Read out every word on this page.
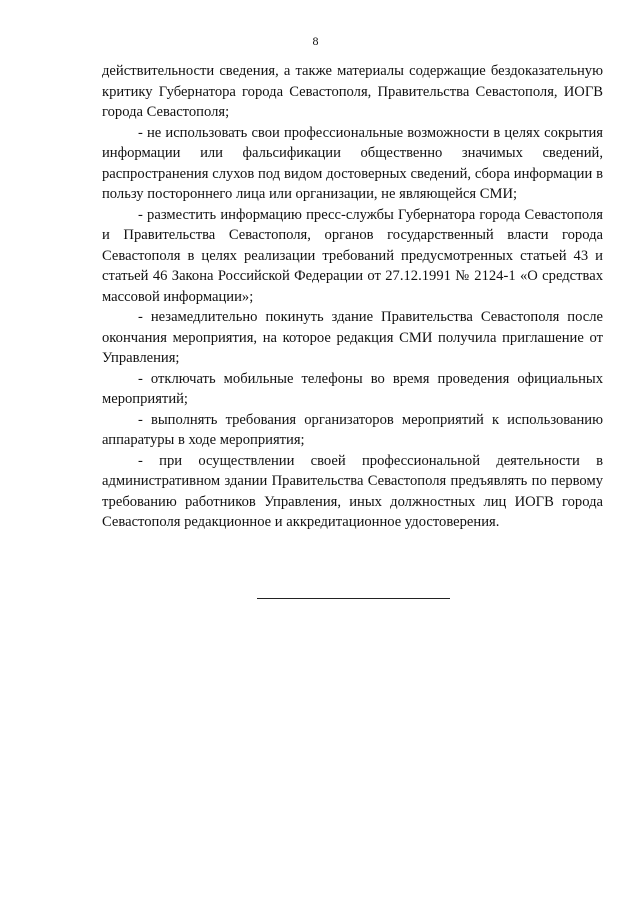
8

действительности сведения, а также материалы содержащие бездоказательную критику Губернатора города Севастополя, Правительства Севастополя, ИОГВ города Севастополя;

- не использовать свои профессиональные возможности в целях сокрытия информации или фальсификации общественно значимых сведений, распространения слухов под видом достоверных сведений, сбора информации в пользу постороннего лица или организации, не являющейся СМИ;

- разместить информацию пресс-службы Губернатора города Севастополя и Правительства Севастополя, органов государственный власти города Севастополя в целях реализации требований предусмотренных статьей 43 и статьей 46 Закона Российской Федерации от 27.12.1991 № 2124-1 «О средствах массовой информации»;

- незамедлительно покинуть здание Правительства Севастополя после окончания мероприятия, на которое редакция СМИ получила приглашение от Управления;

- отключать мобильные телефоны во время проведения официальных мероприятий;

- выполнять требования организаторов мероприятий к использованию аппаратуры в ходе мероприятия;

- при осуществлении своей профессиональной деятельности в административном здании Правительства Севастополя предъявлять по первому требованию работников Управления, иных должностных лиц ИОГВ города Севастополя редакционное и аккредитационное удостоверения.
